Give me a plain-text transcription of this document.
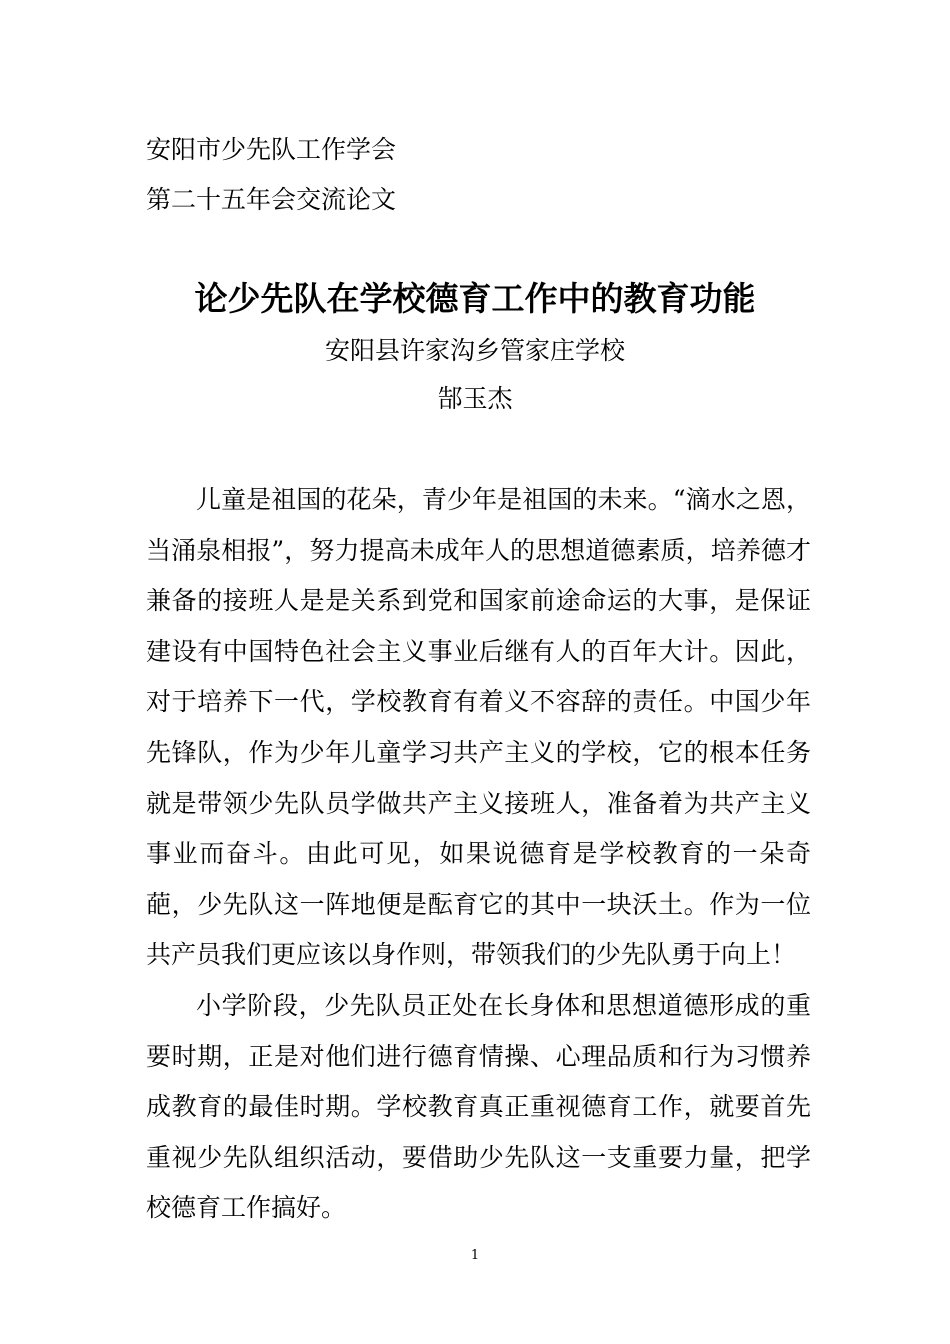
安阳市少先队工作学会
第二十五年会交流论文
论少先队在学校德育工作中的教育功能
安阳县许家沟乡管家庄学校
郜玉杰

儿童是祖国的花朵，青少年是祖国的未来。“滴水之恩，当涌泉相报”，努力提高未成年人的思想道德素质，培养德才兼备的接班人是是关系到党和国家前途命运的大事，是保证建设有中国特色社会主义事业后继有人的百年大计。因此，对于培养下一代，学校教育有着义不容辞的责任。中国少年先锋队，作为少年儿童学习共产主义的学校，它的根本任务就是带领少先队员学做共产主义接班人，准备着为共产主义事业而奋斗。由此可见，如果说德育是学校教育的一朵奇葩，少先队这一阵地便是酝育它的其中一块沃土。作为一位共产员我们更应该以身作则，带领我们的少先队勇于向上！

小学阶段，少先队员正处在长身体和思想道德形成的重要时期，正是对他们进行德育情操、心理品质和行为习惯养成教育的最佳时期。学校教育真正重视德育工作，就要首先重视少先队组织活动，要借助少先队这一支重要力量，把学校德育工作搞好。

1
